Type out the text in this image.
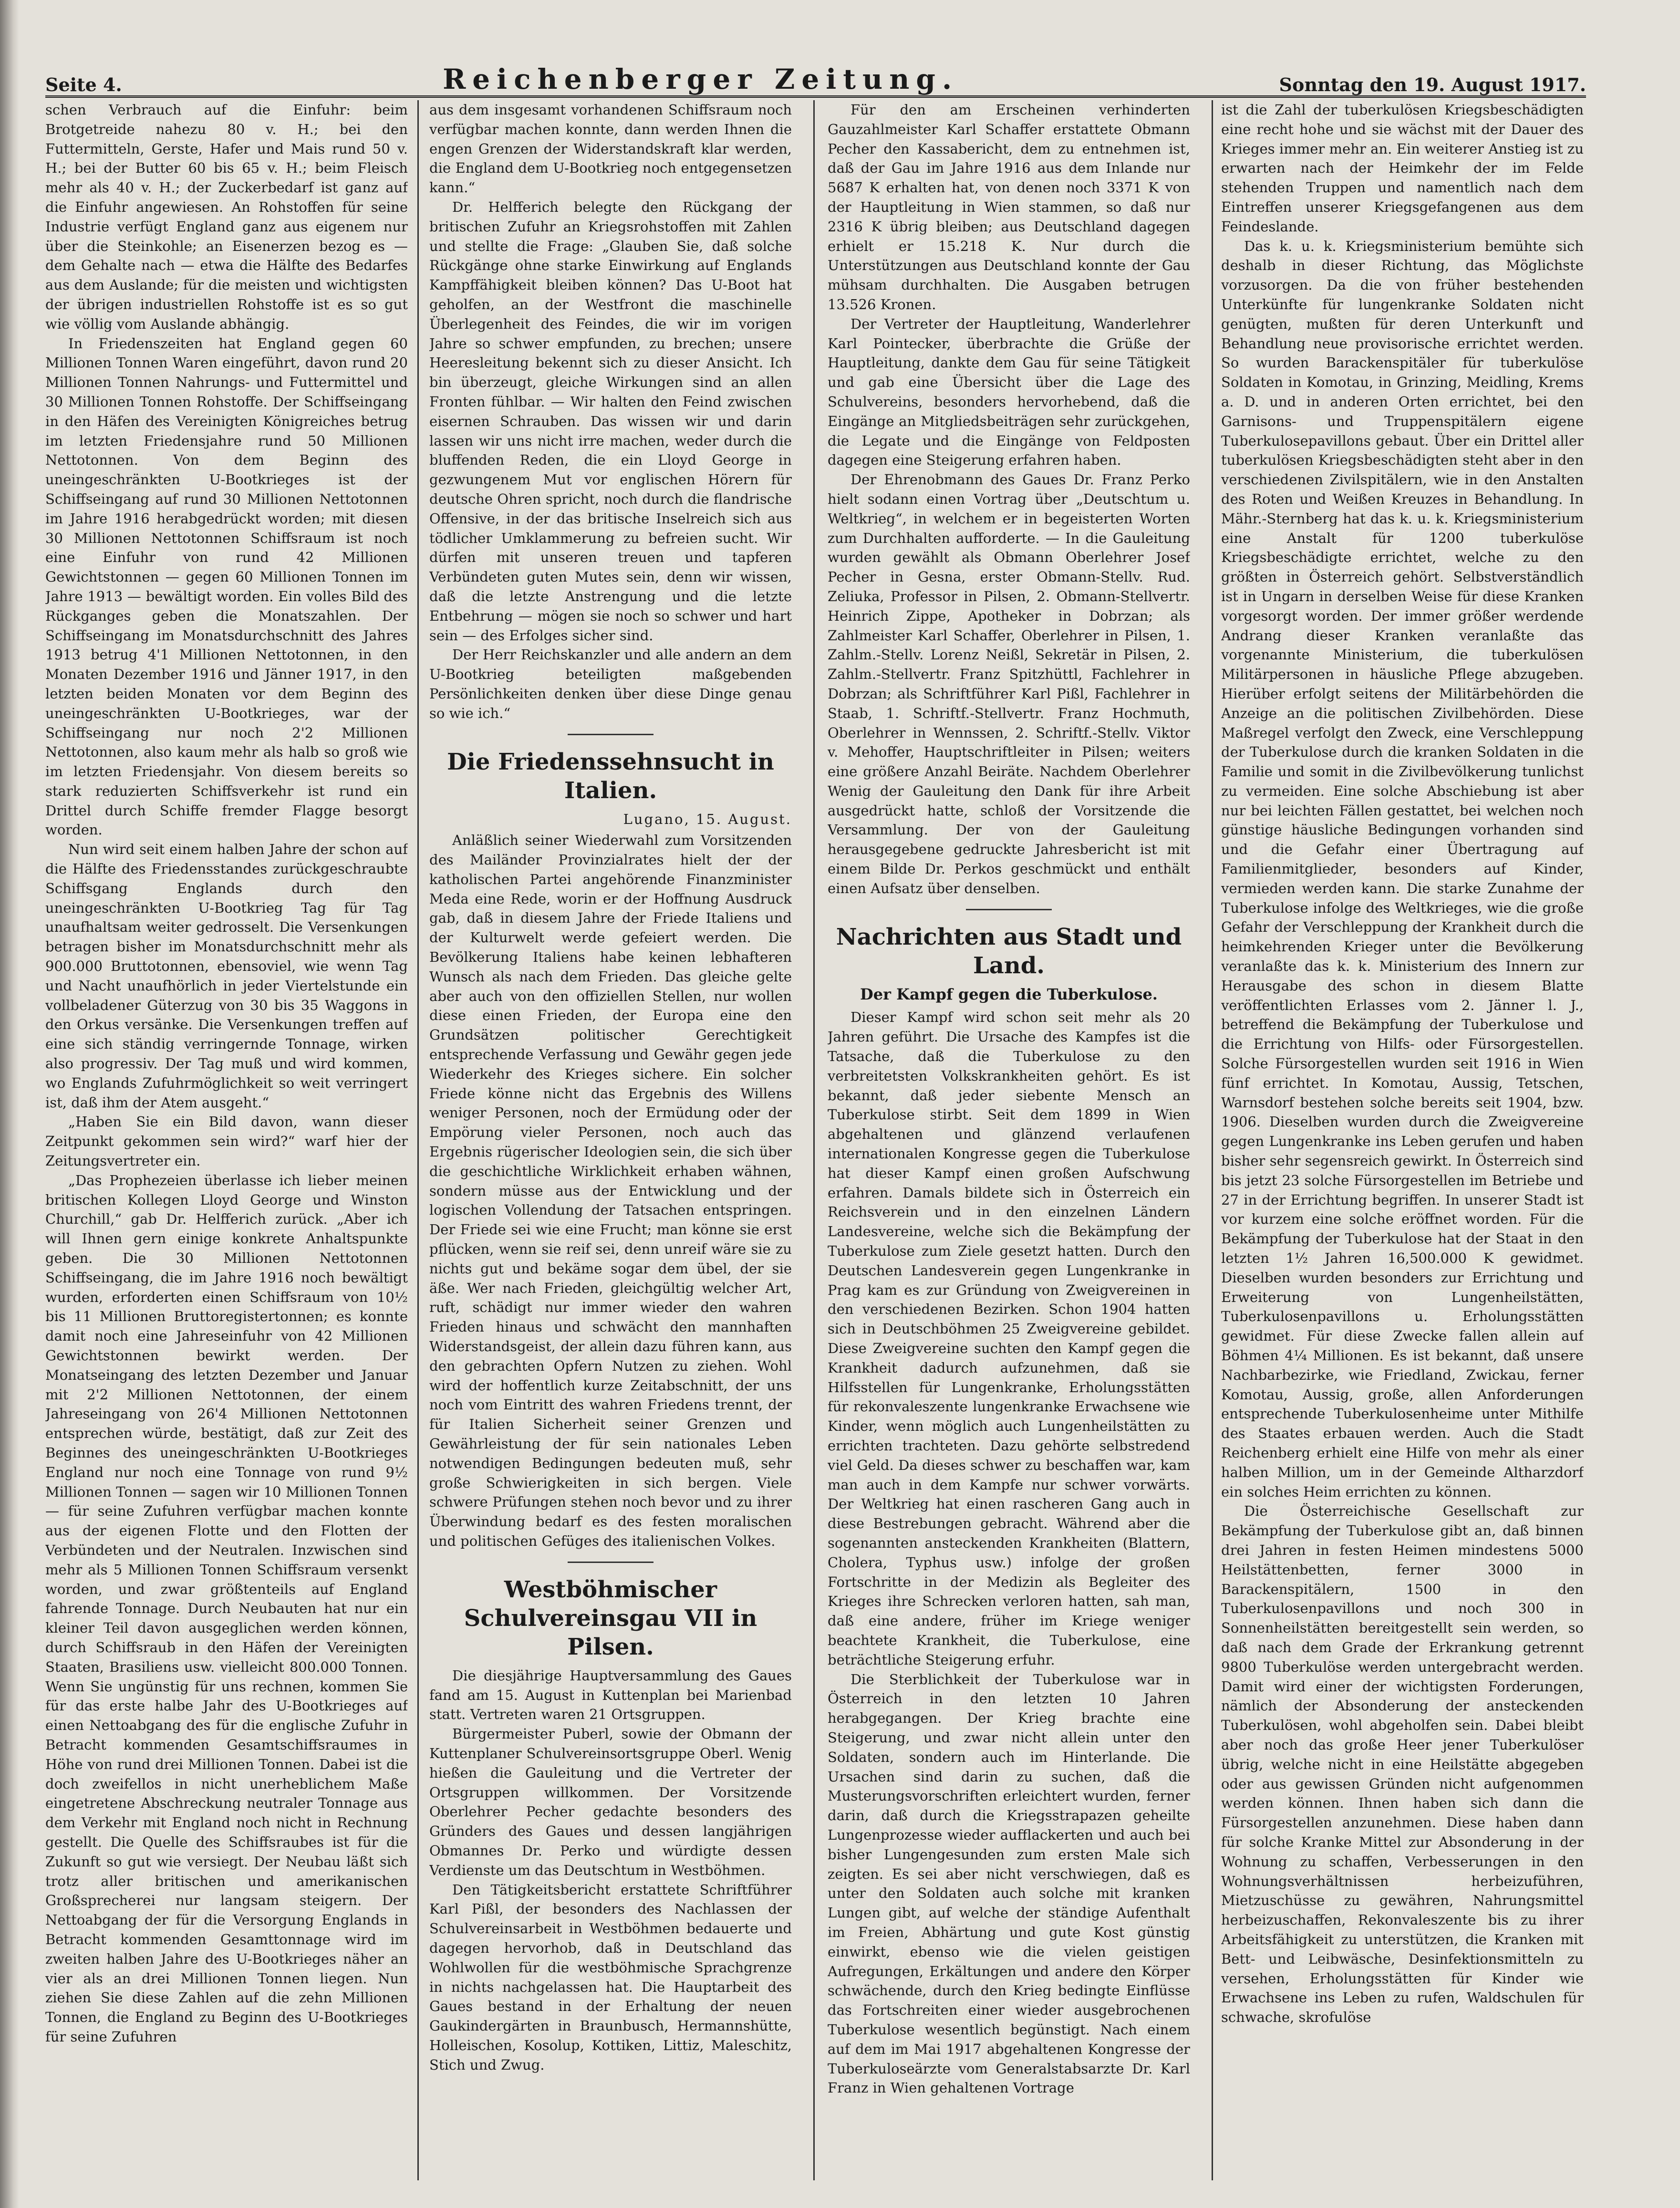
Seite 4.	Reichenberger Zeitung.	Sonntag den 19. August 1917.

schen Verbrauch auf die Einfuhr: beim Brotgetreide nahezu 80 v. H.; bei den Futtermitteln, Gerste, Hafer und Mais rund 50 v. H.; bei der Butter 60 bis 65 v. H.; beim Fleisch mehr als 40 v. H.; der Zuckerbedarf ist ganz auf die Einfuhr angewiesen. An Rohstoffen für seine Industrie verfügt England ganz aus eigenem nur über die Steinkohle; an Eisenerzen bezog es — dem Gehalte nach — etwa die Hälfte des Bedarfes aus dem Auslande; für die meisten und wichtigsten der übrigen industriellen Rohstoffe ist es so gut wie völlig vom Auslande abhängig.

In Friedenszeiten hat England gegen 60 Millionen Tonnen Waren eingeführt, davon rund 20 Millionen Tonnen Nahrungs- und Futtermittel und 30 Millionen Tonnen Rohstoffe. Der Schiffseingang in den Häfen des Vereinigten Königreiches betrug im letzten Friedensjahre rund 50 Millionen Nettotonnen. Von dem Beginn des uneingeschränkten U-Bootkrieges ist der Schiffseingang auf rund 30 Millionen Nettotonnen im Jahre 1916 herabgedrückt worden; mit diesen 30 Millionen Nettotonnen Schiffsraum ist noch eine Einfuhr von rund 42 Millionen Gewichtstonnen — gegen 60 Millionen Tonnen im Jahre 1913 — bewältigt worden. Ein volles Bild des Rückganges geben die Monatszahlen. Der Schiffseingang im Monatsdurchschnitt des Jahres 1913 betrug 4'1 Millionen Nettotonnen, in den Monaten Dezember 1916 und Jänner 1917, in den letzten beiden Monaten vor dem Beginn des uneingeschränkten U-Bootkrieges, war der Schiffseingang nur noch 2'2 Millionen Nettotonnen, also kaum mehr als halb so groß wie im letzten Friedensjahr. Von diesem bereits so stark reduzierten Schiffsverkehr ist rund ein Drittel durch Schiffe fremder Flagge besorgt worden.

Nun wird seit einem halben Jahre der schon auf die Hälfte des Friedensstandes zurückgeschraubte Schiffsgang Englands durch den uneingeschränkten U-Bootkrieg Tag für Tag unaufhaltsam weiter gedrosselt. Die Versenkungen betragen bisher im Monatsdurchschnitt mehr als 900.000 Bruttotonnen, ebensoviel, wie wenn Tag und Nacht unaufhörlich in jeder Viertelstunde ein vollbeladener Güterzug von 30 bis 35 Waggons in den Orkus versänke. Die Versenkungen treffen auf eine sich ständig verringernde Tonnage, wirken also progressiv. Der Tag muß und wird kommen, wo Englands Zufuhrmöglichkeit so weit verringert ist, daß ihm der Atem ausgeht.“

„Haben Sie ein Bild davon, wann dieser Zeitpunkt gekommen sein wird?“ warf hier der Zeitungsvertreter ein.

„Das Prophezeien überlasse ich lieber meinen britischen Kollegen Lloyd George und Winston Churchill,“ gab Dr. Helfferich zurück. „Aber ich will Ihnen gern einige konkrete Anhaltspunkte geben. Die 30 Millionen Nettotonnen Schiffseingang, die im Jahre 1916 noch bewältigt wurden, erforderten einen Schiffsraum von 10½ bis 11 Millionen Bruttoregistertonnen; es konnte damit noch eine Jahreseinfuhr von 42 Millionen Gewichtstonnen bewirkt werden. Der Monatseingang des letzten Dezember und Januar mit 2'2 Millionen Nettotonnen, der einem Jahreseingang von 26'4 Millionen Nettotonnen entsprechen würde, bestätigt, daß zur Zeit des Beginnes des uneingeschränkten U-Bootkrieges England nur noch eine Tonnage von rund 9½ Millionen Tonnen — sagen wir 10 Millionen Tonnen — für seine Zufuhren verfügbar machen konnte aus der eigenen Flotte und den Flotten der Verbündeten und der Neutralen. Inzwischen sind mehr als 5 Millionen Tonnen Schiffsraum versenkt worden, und zwar größtenteils auf England fahrende Tonnage. Durch Neubauten hat nur ein kleiner Teil davon ausgeglichen werden können, durch Schiffsraub in den Häfen der Vereinigten Staaten, Brasiliens usw. vielleicht 800.000 Tonnen. Wenn Sie ungünstig für uns rechnen, kommen Sie für das erste halbe Jahr des U-Bootkrieges auf einen Nettoabgang des für die englische Zufuhr in Betracht kommenden Gesamtschiffsraumes in Höhe von rund drei Millionen Tonnen. Dabei ist die doch zweifellos in nicht unerheblichem Maße eingetretene Abschreckung neutraler Tonnage aus dem Verkehr mit England noch nicht in Rechnung gestellt. Die Quelle des Schiffsraubes ist für die Zukunft so gut wie versiegt. Der Neubau läßt sich trotz aller britischen und amerikanischen Großsprecherei nur langsam steigern. Der Nettoabgang der für die Versorgung Englands in Betracht kommenden Gesamttonnage wird im zweiten halben Jahre des U-Bootkrieges näher an vier als an drei Millionen Tonnen liegen. Nun ziehen Sie diese Zahlen auf die zehn Millionen Tonnen, die England zu Beginn des U-Bootkrieges für seine Zufuhren

aus dem insgesamt vorhandenen Schiffsraum noch verfügbar machen konnte, dann werden Ihnen die engen Grenzen der Widerstandskraft klar werden, die England dem U-Bootkrieg noch entgegensetzen kann.“

Dr. Helfferich belegte den Rückgang der britischen Zufuhr an Kriegsrohstoffen mit Zahlen und stellte die Frage: „Glauben Sie, daß solche Rückgänge ohne starke Einwirkung auf Englands Kampffähigkeit bleiben können? Das U-Boot hat geholfen, an der Westfront die maschinelle Überlegenheit des Feindes, die wir im vorigen Jahre so schwer empfunden, zu brechen; unsere Heeresleitung bekennt sich zu dieser Ansicht. Ich bin überzeugt, gleiche Wirkungen sind an allen Fronten fühlbar. — Wir halten den Feind zwischen eisernen Schrauben. Das wissen wir und darin lassen wir uns nicht irre machen, weder durch die bluffenden Reden, die ein Lloyd George in gezwungenem Mut vor englischen Hörern für deutsche Ohren spricht, noch durch die flandrische Offensive, in der das britische Inselreich sich aus tödlicher Umklammerung zu befreien sucht. Wir dürfen mit unseren treuen und tapferen Verbündeten guten Mutes sein, denn wir wissen, daß die letzte Anstrengung und die letzte Entbehrung — mögen sie noch so schwer und hart sein — des Erfolges sicher sind.

Der Herr Reichskanzler und alle andern an dem U-Bootkrieg beteiligten maßgebenden Persönlichkeiten denken über diese Dinge genau so wie ich.“

Die Friedenssehnsucht in Italien.
Lugano, 15. August.

Anläßlich seiner Wiederwahl zum Vorsitzenden des Mailänder Provinzialrates hielt der der katholischen Partei angehörende Finanzminister Meda eine Rede, worin er der Hoffnung Ausdruck gab, daß in diesem Jahre der Friede Italiens und der Kulturwelt werde gefeiert werden. Die Bevölkerung Italiens habe keinen lebhafteren Wunsch als nach dem Frieden. Das gleiche gelte aber auch von den offiziellen Stellen, nur wollen diese einen Frieden, der Europa eine den Grundsätzen politischer Gerechtigkeit entsprechende Verfassung und Gewähr gegen jede Wiederkehr des Krieges sichere. Ein solcher Friede könne nicht das Ergebnis des Willens weniger Personen, noch der Ermüdung oder der Empörung vieler Personen, noch auch das Ergebnis rügerischer Ideologien sein, die sich über die geschichtliche Wirklichkeit erhaben wähnen, sondern müsse aus der Entwicklung und der logischen Vollendung der Tatsachen entspringen. Der Friede sei wie eine Frucht; man könne sie erst pflücken, wenn sie reif sei, denn unreif wäre sie zu nichts gut und bekäme sogar dem übel, der sie äße. Wer nach Frieden, gleichgültig welcher Art, ruft, schädigt nur immer wieder den wahren Frieden hinaus und schwächt den mannhaften Widerstandsgeist, der allein dazu führen kann, aus den gebrachten Opfern Nutzen zu ziehen. Wohl wird der hoffentlich kurze Zeitabschnitt, der uns noch vom Eintritt des wahren Friedens trennt, der für Italien Sicherheit seiner Grenzen und Gewährleistung der für sein nationales Leben notwendigen Bedingungen bedeuten muß, sehr große Schwierigkeiten in sich bergen. Viele schwere Prüfungen stehen noch bevor und zu ihrer Überwindung bedarf es des festen moralischen und politischen Gefüges des italienischen Volkes.

Westböhmischer Schulvereinsgau VII in Pilsen.

Die diesjährige Hauptversammlung des Gaues fand am 15. August in Kuttenplan bei Marienbad statt. Vertreten waren 21 Ortsgruppen.

Bürgermeister Puberl, sowie der Obmann der Kuttenplaner Schulvereinsortsgruppe Oberl. Wenig hießen die Gauleitung und die Vertreter der Ortsgruppen willkommen. Der Vorsitzende Oberlehrer Pecher gedachte besonders des Gründers des Gaues und dessen langjährigen Obmannes Dr. Perko und würdigte dessen Verdienste um das Deutschtum in Westböhmen.

Den Tätigkeitsbericht erstattete Schriftführer Karl Pißl, der besonders des Nachlassen der Schulvereinsarbeit in Westböhmen bedauerte und dagegen hervorhob, daß in Deutschland das Wohlwollen für die westböhmische Sprachgrenze in nichts nachgelassen hat. Die Hauptarbeit des Gaues bestand in der Erhaltung der neuen Gaukindergärten in Braunbusch, Hermannshütte, Holleischen, Kosolup, Kottiken, Littiz, Maleschitz, Stich und Zwug.

Für den am Erscheinen verhinderten Gauzahlmeister Karl Schaffer erstattete Obmann Pecher den Kassabericht, dem zu entnehmen ist, daß der Gau im Jahre 1916 aus dem Inlande nur 5687 K erhalten hat, von denen noch 3371 K von der Hauptleitung in Wien stammen, so daß nur 2316 K übrig bleiben; aus Deutschland dagegen erhielt er 15.218 K. Nur durch die Unterstützungen aus Deutschland konnte der Gau mühsam durchhalten. Die Ausgaben betrugen 13.526 Kronen.

Der Vertreter der Hauptleitung, Wanderlehrer Karl Pointecker, überbrachte die Grüße der Hauptleitung, dankte dem Gau für seine Tätigkeit und gab eine Übersicht über die Lage des Schulvereins, besonders hervorhebend, daß die Eingänge an Mitgliedsbeiträgen sehr zurückgehen, die Legate und die Eingänge von Feldposten dagegen eine Steigerung erfahren haben.

Der Ehrenobmann des Gaues Dr. Franz Perko hielt sodann einen Vortrag über „Deutschtum u. Weltkrieg“, in welchem er in begeisterten Worten zum Durchhalten aufforderte. — In die Gauleitung wurden gewählt als Obmann Oberlehrer Josef Pecher in Gesna, erster Obmann-Stellv. Rud. Zeliuka, Professor in Pilsen, 2. Obmann-Stellvertr. Heinrich Zippe, Apotheker in Dobrzan; als Zahlmeister Karl Schaffer, Oberlehrer in Pilsen, 1. Zahlm.-Stellv. Lorenz Neißl, Sekretär in Pilsen, 2. Zahlm.-Stellvertr. Franz Spitzhüttl, Fachlehrer in Dobrzan; als Schriftführer Karl Pißl, Fachlehrer in Staab, 1. Schriftf.-Stellvertr. Franz Hochmuth, Oberlehrer in Wennssen, 2. Schriftf.-Stellv. Viktor v. Mehoffer, Hauptschriftleiter in Pilsen; weiters eine größere Anzahl Beiräte. Nachdem Oberlehrer Wenig der Gauleitung den Dank für ihre Arbeit ausgedrückt hatte, schloß der Vorsitzende die Versammlung. Der von der Gauleitung herausgegebene gedruckte Jahresbericht ist mit einem Bilde Dr. Perkos geschmückt und enthält einen Aufsatz über denselben.

Nachrichten aus Stadt und Land.
Der Kampf gegen die Tuberkulose.

Dieser Kampf wird schon seit mehr als 20 Jahren geführt. Die Ursache des Kampfes ist die Tatsache, daß die Tuberkulose zu den verbreitetsten Volkskrankheiten gehört. Es ist bekannt, daß jeder siebente Mensch an Tuberkulose stirbt. Seit dem 1899 in Wien abgehaltenen und glänzend verlaufenen internationalen Kongresse gegen die Tuberkulose hat dieser Kampf einen großen Aufschwung erfahren. Damals bildete sich in Österreich ein Reichsverein und in den einzelnen Ländern Landesvereine, welche sich die Bekämpfung der Tuberkulose zum Ziele gesetzt hatten. Durch den Deutschen Landesverein gegen Lungenkranke in Prag kam es zur Gründung von Zweigvereinen in den verschiedenen Bezirken. Schon 1904 hatten sich in Deutschböhmen 25 Zweigvereine gebildet. Diese Zweigvereine suchten den Kampf gegen die Krankheit dadurch aufzunehmen, daß sie Hilfsstellen für Lungenkranke, Erholungsstätten für rekonvaleszente lungenkranke Erwachsene wie Kinder, wenn möglich auch Lungenheilstätten zu errichten trachteten. Dazu gehörte selbstredend viel Geld. Da dieses schwer zu beschaffen war, kam man auch in dem Kampfe nur schwer vorwärts. Der Weltkrieg hat einen rascheren Gang auch in diese Bestrebungen gebracht. Während aber die sogenannten ansteckenden Krankheiten (Blattern, Cholera, Typhus usw.) infolge der großen Fortschritte in der Medizin als Begleiter des Krieges ihre Schrecken verloren hatten, sah man, daß eine andere, früher im Kriege weniger beachtete Krankheit, die Tuberkulose, eine beträchtliche Steigerung erfuhr.

Die Sterblichkeit der Tuberkulose war in Österreich in den letzten 10 Jahren herabgegangen. Der Krieg brachte eine Steigerung, und zwar nicht allein unter den Soldaten, sondern auch im Hinterlande. Die Ursachen sind darin zu suchen, daß die Musterungsvorschriften erleichtert wurden, ferner darin, daß durch die Kriegsstrapazen geheilte Lungenprozesse wieder aufflackerten und auch bei bisher Lungengesunden zum ersten Male sich zeigten. Es sei aber nicht verschwiegen, daß es unter den Soldaten auch solche mit kranken Lungen gibt, auf welche der ständige Aufenthalt im Freien, Abhärtung und gute Kost günstig einwirkt, ebenso wie die vielen geistigen Aufregungen, Erkältungen und andere den Körper schwächende, durch den Krieg bedingte Einflüsse das Fortschreiten einer wieder ausgebrochenen Tuberkulose wesentlich begünstigt. Nach einem auf dem im Mai 1917 abgehaltenen Kongresse der Tuberkuloseärzte vom Generalstabsarzte Dr. Karl Franz in Wien gehaltenen Vortrage

ist die Zahl der tuberkulösen Kriegsbeschädigten eine recht hohe und sie wächst mit der Dauer des Krieges immer mehr an. Ein weiterer Anstieg ist zu erwarten nach der Heimkehr der im Felde stehenden Truppen und namentlich nach dem Eintreffen unserer Kriegsgefangenen aus dem Feindeslande.

Das k. u. k. Kriegsministerium bemühte sich deshalb in dieser Richtung, das Möglichste vorzusorgen. Da die von früher bestehenden Unterkünfte für lungenkranke Soldaten nicht genügten, mußten für deren Unterkunft und Behandlung neue provisorische errichtet werden. So wurden Barackenspitäler für tuberkulöse Soldaten in Komotau, in Grinzing, Meidling, Krems a. D. und in anderen Orten errichtet, bei den Garnisons- und Truppenspitälern eigene Tuberkulosepavillons gebaut. Über ein Drittel aller tuberkulösen Kriegsbeschädigten steht aber in den verschiedenen Zivilspitälern, wie in den Anstalten des Roten und Weißen Kreuzes in Behandlung. In Mähr.-Sternberg hat das k. u. k. Kriegsministerium eine Anstalt für 1200 tuberkulöse Kriegsbeschädigte errichtet, welche zu den größten in Österreich gehört. Selbstverständlich ist in Ungarn in derselben Weise für diese Kranken vorgesorgt worden. Der immer größer werdende Andrang dieser Kranken veranlaßte das vorgenannte Ministerium, die tuberkulösen Militärpersonen in häusliche Pflege abzugeben. Hierüber erfolgt seitens der Militärbehörden die Anzeige an die politischen Zivilbehörden. Diese Maßregel verfolgt den Zweck, eine Verschleppung der Tuberkulose durch die kranken Soldaten in die Familie und somit in die Zivilbevölkerung tunlichst zu vermeiden. Eine solche Abschiebung ist aber nur bei leichten Fällen gestattet, bei welchen noch günstige häusliche Bedingungen vorhanden sind und die Gefahr einer Übertragung auf Familienmitglieder, besonders auf Kinder, vermieden werden kann. Die starke Zunahme der Tuberkulose infolge des Weltkrieges, wie die große Gefahr der Verschleppung der Krankheit durch die heimkehrenden Krieger unter die Bevölkerung veranlaßte das k. k. Ministerium des Innern zur Herausgabe des schon in diesem Blatte veröffentlichten Erlasses vom 2. Jänner l. J., betreffend die Bekämpfung der Tuberkulose und die Errichtung von Hilfs- oder Fürsorgestellen. Solche Fürsorgestellen wurden seit 1916 in Wien fünf errichtet. In Komotau, Aussig, Tetschen, Warnsdorf bestehen solche bereits seit 1904, bzw. 1906. Dieselben wurden durch die Zweigvereine gegen Lungenkranke ins Leben gerufen und haben bisher sehr segensreich gewirkt. In Österreich sind bis jetzt 23 solche Fürsorgestellen im Betriebe und 27 in der Errichtung begriffen. In unserer Stadt ist vor kurzem eine solche eröffnet worden. Für die Bekämpfung der Tuberkulose hat der Staat in den letzten 1½ Jahren 16,500.000 K gewidmet. Dieselben wurden besonders zur Errichtung und Erweiterung von Lungenheilstätten, Tuberkulosenpavillons u. Erholungsstätten gewidmet. Für diese Zwecke fallen allein auf Böhmen 4¼ Millionen. Es ist bekannt, daß unsere Nachbarbezirke, wie Friedland, Zwickau, ferner Komotau, Aussig, große, allen Anforderungen entsprechende Tuberkulosenheime unter Mithilfe des Staates erbauen werden. Auch die Stadt Reichenberg erhielt eine Hilfe von mehr als einer halben Million, um in der Gemeinde Altharzdorf ein solches Heim errichten zu können.

Die Österreichische Gesellschaft zur Bekämpfung der Tuberkulose gibt an, daß binnen drei Jahren in festen Heimen mindestens 5000 Heilstättenbetten, ferner 3000 in Barackenspitälern, 1500 in den Tuberkulosenpavillons und noch 300 in Sonnenheilstätten bereitgestellt sein werden, so daß nach dem Grade der Erkrankung getrennt 9800 Tuberkulöse werden untergebracht werden. Damit wird einer der wichtigsten Forderungen, nämlich der Absonderung der ansteckenden Tuberkulösen, wohl abgeholfen sein. Dabei bleibt aber noch das große Heer jener Tuberkulöser übrig, welche nicht in eine Heilstätte abgegeben oder aus gewissen Gründen nicht aufgenommen werden können. Ihnen haben sich dann die Fürsorgestellen anzunehmen. Diese haben dann für solche Kranke Mittel zur Absonderung in der Wohnung zu schaffen, Verbesserungen in den Wohnungsverhältnissen herbeizuführen, Mietzuschüsse zu gewähren, Nahrungsmittel herbeizuschaffen, Rekonvaleszente bis zu ihrer Arbeitsfähigkeit zu unterstützen, die Kranken mit Bett- und Leibwäsche, Desinfektionsmitteln zu versehen, Erholungsstätten für Kinder wie Erwachsene ins Leben zu rufen, Waldschulen für schwache, skrofulöse
